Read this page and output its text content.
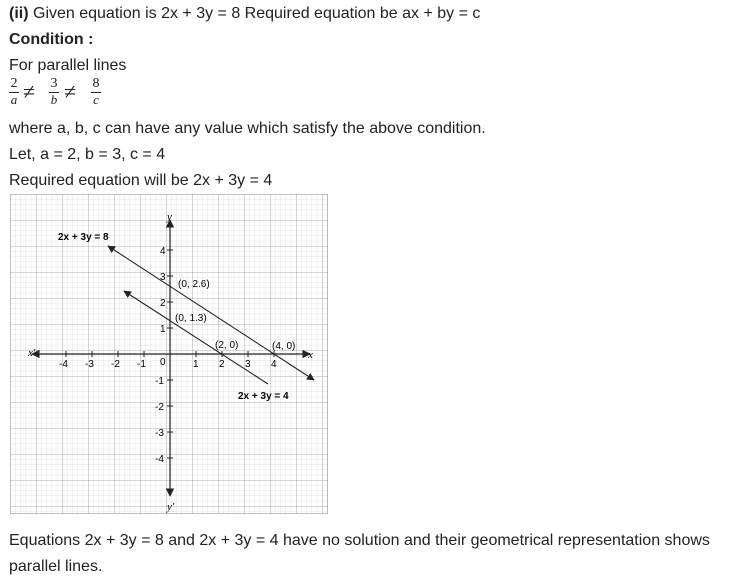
(ii) Given equation is 2x + 3y = 8 Required equation be ax + by = c
Condition :
For parallel lines
2
a ≠ 3
b ≠ 8
c
where a, b, c can have any value which satisfy the above condition.
Let, a = 2, b = 3, c = 4
Required equation will be 2x + 3y = 4
x
x'
y
y'
0
-4 -3 -2 -1	1 2 3 4
4
3
2
1
-1
-2
-3
-4
2x + 3y = 8
2x + 3y = 4
(0, 2.6)
(0, 1.3)
(2, 0)	(4, 0)
Equations 2x + 3y = 8 and 2x + 3y = 4 have no solution and their geometrical representation shows parallel lines.
